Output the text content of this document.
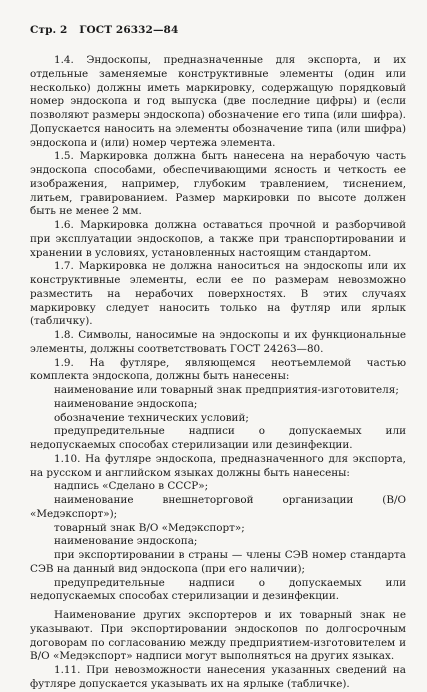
Стр. 2 ГОСТ 26332—84

1.4. Эндоскопы, предназначенные для экспорта, и их отдельные заменяемые конструктивные элементы (один или несколько) должны иметь маркировку, содержащую порядковый номер эндоскопа и год выпуска (две последние цифры) и (если позволяют размеры эндоскопа) обозначение его типа (или шифра). Допускается наносить на элементы обозначение типа (или шифра) эндоскопа и (или) номер чертежа элемента.

1.5. Маркировка должна быть нанесена на нерабочую часть эндоскопа способами, обеспечивающими ясность и четкость ее изображения, например, глубоким травлением, тиснением, литьем, гравированием. Размер маркировки по высоте должен быть не менее 2 мм.

1.6. Маркировка должна оставаться прочной и разборчивой при эксплуатации эндоскопов, а также при транспортировании и хранении в условиях, установленных настоящим стандартом.

1.7. Маркировка не должна наноситься на эндоскопы или их конструктивные элементы, если ее по размерам невозможно разместить на нерабочих поверхностях. В этих случаях маркировку следует наносить только на футляр или ярлык (табличку).

1.8. Символы, наносимые на эндоскопы и их функциональные элементы, должны соответствовать ГОСТ 24263—80.

1.9. На футляре, являющемся неотъемлемой частью комплекта эндоскопа, должны быть нанесены:

наименование или товарный знак предприятия-изготовителя;

наименование эндоскопа;

обозначение технических условий;

предупредительные надписи о допускаемых или недопускаемых способах стерилизации или дезинфекции.

1.10. На футляре эндоскопа, предназначенного для экспорта, на русском и английском языках должны быть нанесены:

надпись «Сделано в СССР»;

наименование внешнеторговой организации (В/О «Медэкспорт»);

товарный знак В/О «Медэкспорт»;

наименование эндоскопа;

при экспортировании в страны — члены СЭВ номер стандарта СЭВ на данный вид эндоскопа (при его наличии);

предупредительные надписи о допускаемых или недопускаемых способах стерилизации и дезинфекции.

Наименование других экспортеров и их товарный знак не указывают. При экспортировании эндоскопов по долгосрочным договорам по согласованию между предприятием-изготовителем и В/О «Медэкспорт» надписи могут выполняться на других языках.

1.11. При невозможности нанесения указанных сведений на футляре допускается указывать их на ярлыке (табличке).
